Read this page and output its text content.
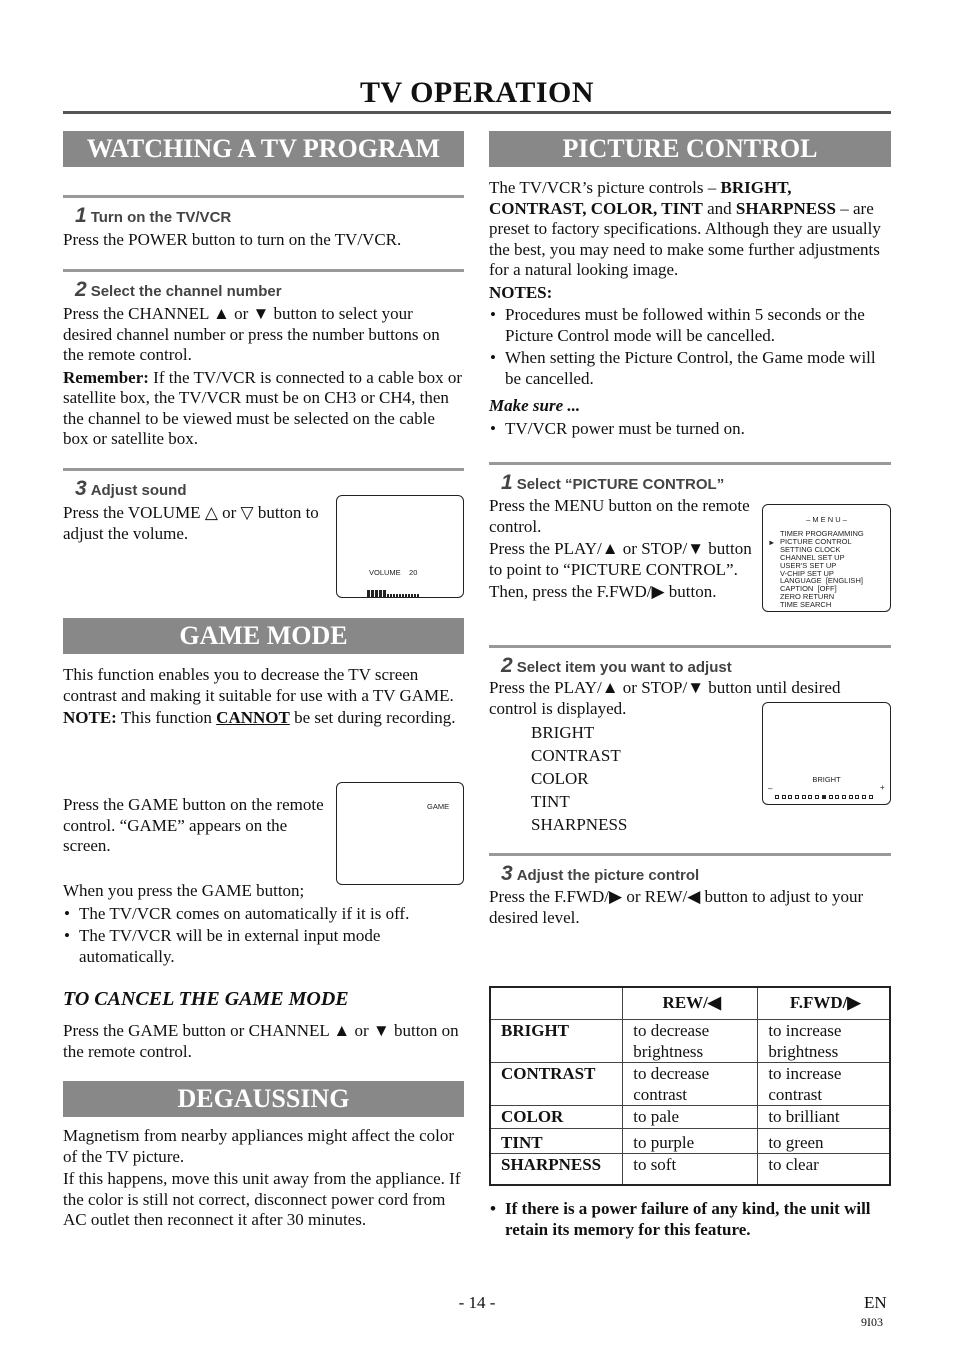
TV OPERATION
WATCHING A TV PROGRAM
1 Turn on the TV/VCR
Press the POWER button to turn on the TV/VCR.
2 Select the channel number

Press the CHANNEL ▲ or ▼ button to select your desired channel number or press the number buttons on the remote control.

Remember: If the TV/VCR is connected to a cable box or satellite box, the TV/VCR must be on CH3 or CH4, then the channel to be viewed must be selected on the cable box or satellite box.

3 Adjust sound
Press the VOLUME △ or ▽ button to adjust the volume.
VOLUME 20
GAME MODE

This function enables you to decrease the TV screen contrast and making it suitable for use with a TV GAME.

NOTE: This function CANNOT be set during recording.

Press the GAME button on the remote control. “GAME” appears on the screen.
GAME

When you press the GAME button;

• The TV/VCR comes on automatically if it is off.

• The TV/VCR will be in external input mode automatically.

TO CANCEL THE GAME MODE
Press the GAME button or CHANNEL ▲ or ▼ button on the remote control.
DEGAUSSING

Magnetism from nearby appliances might affect the color of the TV picture.

If this happens, move this unit away from the appliance. If the color is still not correct, disconnect power cord from AC outlet then reconnect it after 30 minutes.

PICTURE CONTROL

The TV/VCR’s picture controls – BRIGHT, CONTRAST, COLOR, TINT and SHARPNESS – are preset to factory specifications. Although they are usually the best, you may need to make some further adjustments for a natural looking image.

NOTES:

• Procedures must be followed within 5 seconds or the Picture Control mode will be cancelled.

• When setting the Picture Control, the Game mode will be cancelled.

Make sure ...

• TV/VCR power must be turned on.

1 Select “PICTURE CONTROL”

Press the MENU button on the remote control.

Press the PLAY/▲ or STOP/▼ button to point to “PICTURE CONTROL”.

Then, press the F.FWD/▶ button.

– M E N U –
►
TIMER PROGRAMMING
PICTURE CONTROL
SETTING CLOCK
CHANNEL SET UP
USER'S SET UP
V-CHIP SET UP
LANGUAGE  [ENGLISH]
CAPTION  [OFF]
ZERO RETURN
TIME SEARCH
2 Select item you want to adjust
Press the PLAY/▲ or STOP/▼ button until desired control is displayed.

BRIGHT

CONTRAST

COLOR

TINT

SHARPNESS

BRIGHT
–	+
3 Adjust the picture control
Press the F.FWD/▶ or REW/◀ button to adjust to your desired level.
	REW/◀	F.FWD/▶
BRIGHT	to decrease brightness	to increase brightness
CONTRAST	to decrease contrast	to increase contrast
COLOR	to pale	to brilliant
TINT	to purple	to green
SHARPNESS	to soft	to clear

• If there is a power failure of any kind, the unit will retain its memory for this feature.

- 14 -	EN
9I03
